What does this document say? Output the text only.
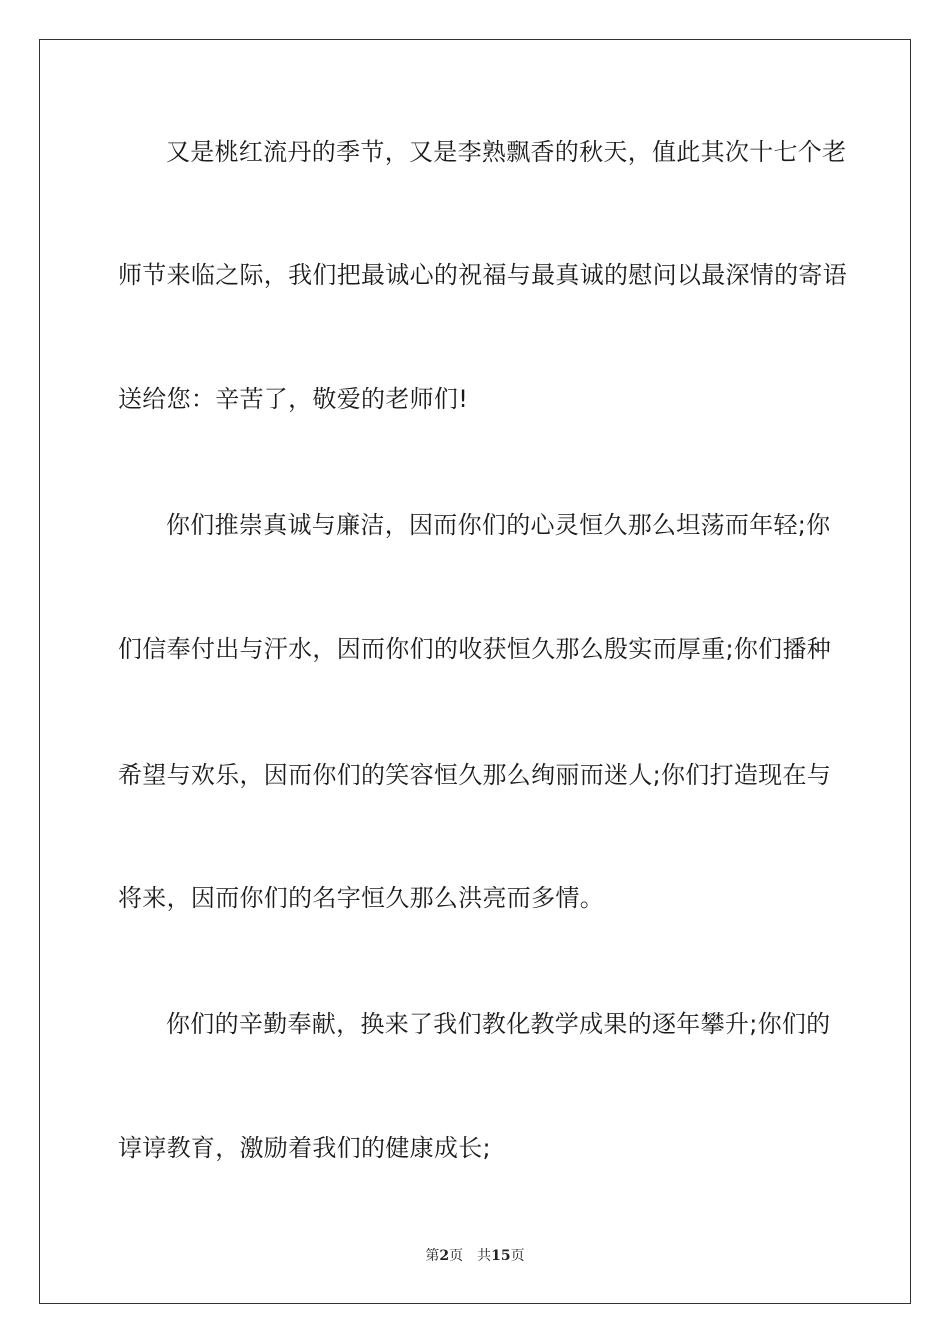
又是桃红流丹的季节，又是李熟飘香的秋天，值此其次十七个老
师节来临之际，我们把最诚心的祝福与最真诚的慰问以最深情的寄语
送给您：辛苦了，敬爱的老师们!
你们推崇真诚与廉洁，因而你们的心灵恒久那么坦荡而年轻;你
们信奉付出与汗水，因而你们的收获恒久那么殷实而厚重;你们播种
希望与欢乐，因而你们的笑容恒久那么绚丽而迷人;你们打造现在与
将来，因而你们的名字恒久那么洪亮而多情。
你们的辛勤奉献，换来了我们教化教学成果的逐年攀升;你们的
谆谆教育，激励着我们的健康成长;
第2页 共15页
